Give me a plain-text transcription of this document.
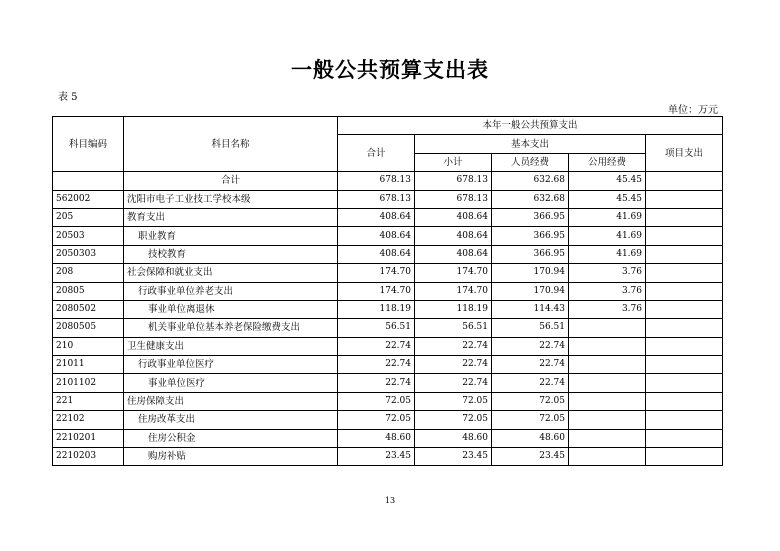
一般公共预算支出表
表 5
单位：万元
科目编码	科目名称	本年一般公共预算支出				
		合计	基本支出			项目支出
			小计	人员经费	公用经费	
	合计	678.13	678.13	632.68	45.45	
562002	沈阳市电子工业技工学校本级	678.13	678.13	632.68	45.45	
205	教育支出	408.64	408.64	366.95	41.69	
20503	职业教育	408.64	408.64	366.95	41.69	
2050303	技校教育	408.64	408.64	366.95	41.69	
208	社会保障和就业支出	174.70	174.70	170.94	3.76	
20805	行政事业单位养老支出	174.70	174.70	170.94	3.76	
2080502	事业单位离退休	118.19	118.19	114.43	3.76	
2080505	机关事业单位基本养老保险缴费支出	56.51	56.51	56.51		
210	卫生健康支出	22.74	22.74	22.74		
21011	行政事业单位医疗	22.74	22.74	22.74		
2101102	事业单位医疗	22.74	22.74	22.74		
221	住房保障支出	72.05	72.05	72.05		
22102	住房改革支出	72.05	72.05	72.05		
2210201	住房公积金	48.60	48.60	48.60		
2210203	购房补贴	23.45	23.45	23.45		
13
